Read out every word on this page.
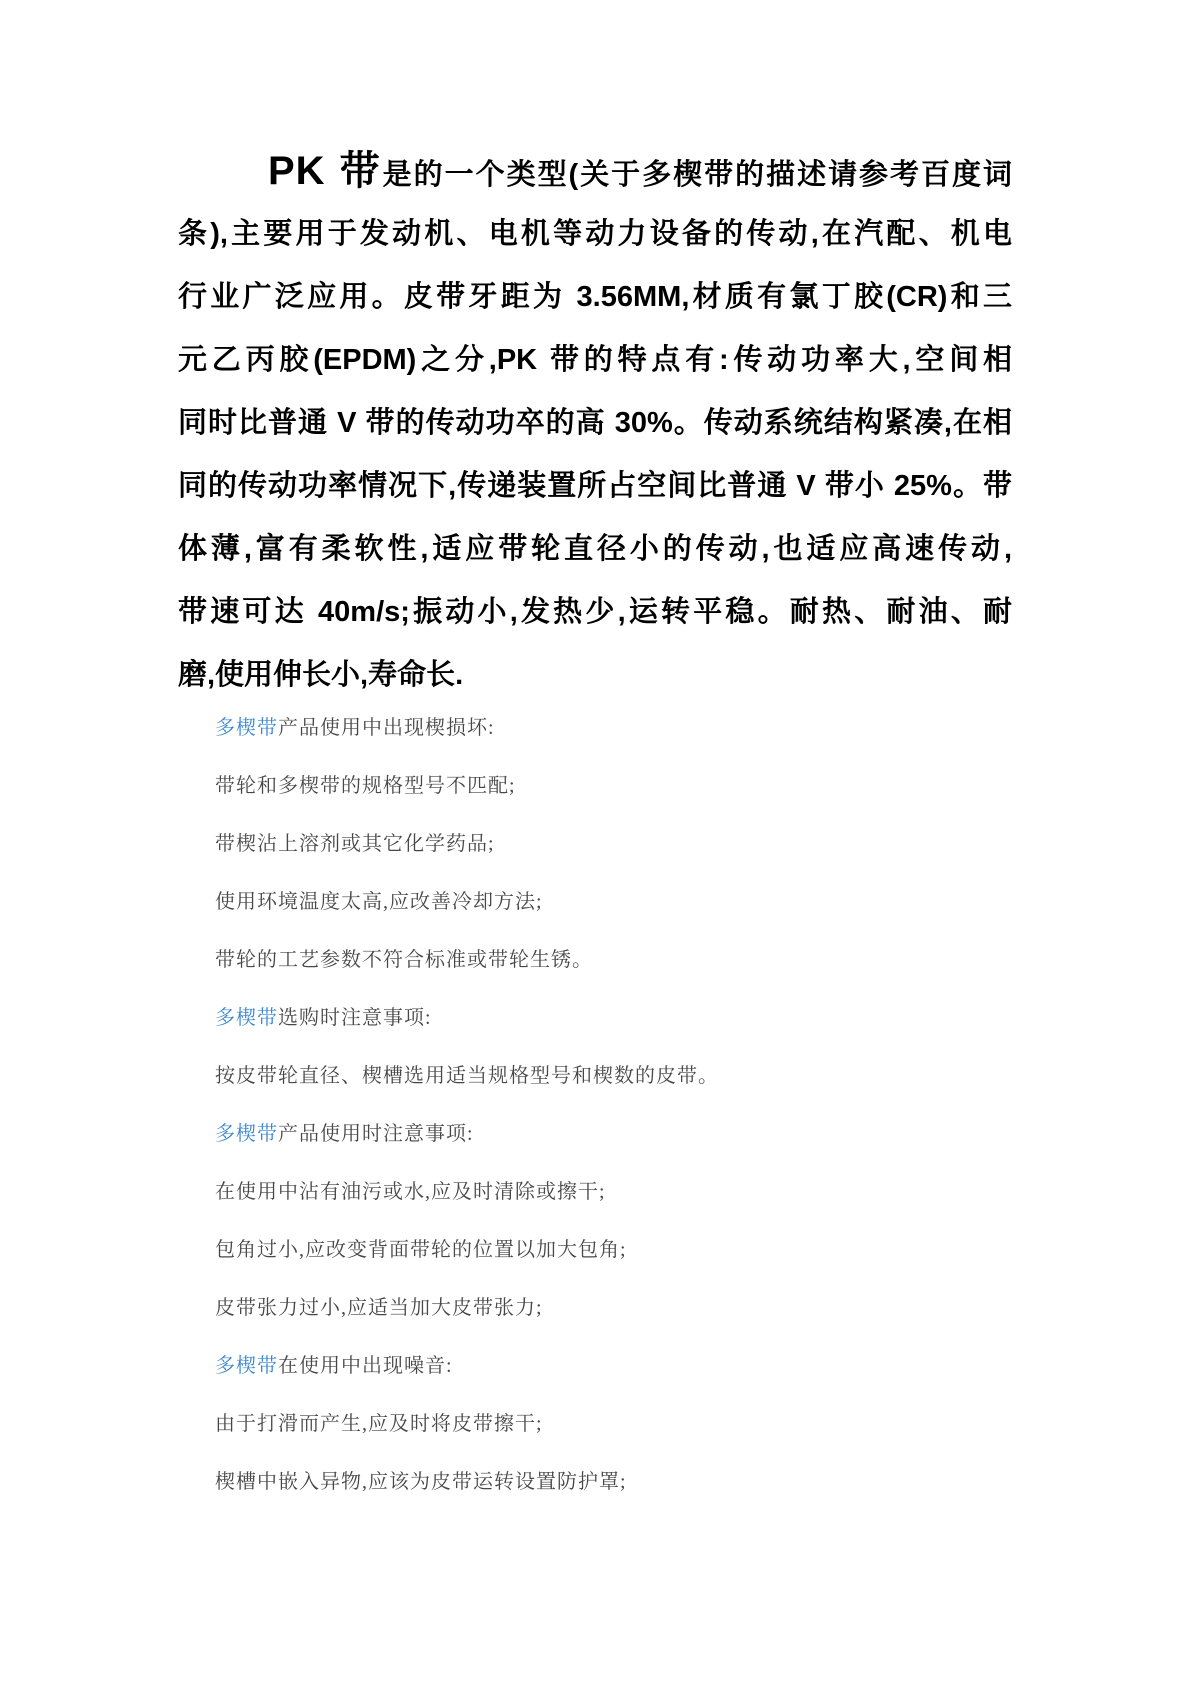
PK 带是的一个类型(关于多楔带的描述请参考百度词
条),主要用于发动机、电机等动力设备的传动,在汽配、机电
行业广泛应用。皮带牙距为 3.56MM,材质有氯丁胶(CR)和三
元乙丙胶(EPDM)之分,PK 带的特点有:传动功率大,空间相
同时比普通 V 带的传动功卒的高 30%。传动系统结构紧凑,在相
同的传动功率情况下,传递装置所占空间比普通 V 带小 25%。带
体薄,富有柔软性,适应带轮直径小的传动,也适应高速传动,
带速可达 40m/s;振动小,发热少,运转平稳。耐热、耐油、耐
磨,使用伸长小,寿命长.
多楔带产品使用中出现楔损坏:
带轮和多楔带的规格型号不匹配;
带楔沾上溶剂或其它化学药品;
使用环境温度太高,应改善冷却方法;
带轮的工艺参数不符合标准或带轮生锈。
多楔带选购时注意事项:
按皮带轮直径、楔槽选用适当规格型号和楔数的皮带。
多楔带产品使用时注意事项:
在使用中沾有油污或水,应及时清除或擦干;
包角过小,应改变背面带轮的位置以加大包角;
皮带张力过小,应适当加大皮带张力;
多楔带在使用中出现噪音:
由于打滑而产生,应及时将皮带擦干;
楔槽中嵌入异物,应该为皮带运转设置防护罩;
